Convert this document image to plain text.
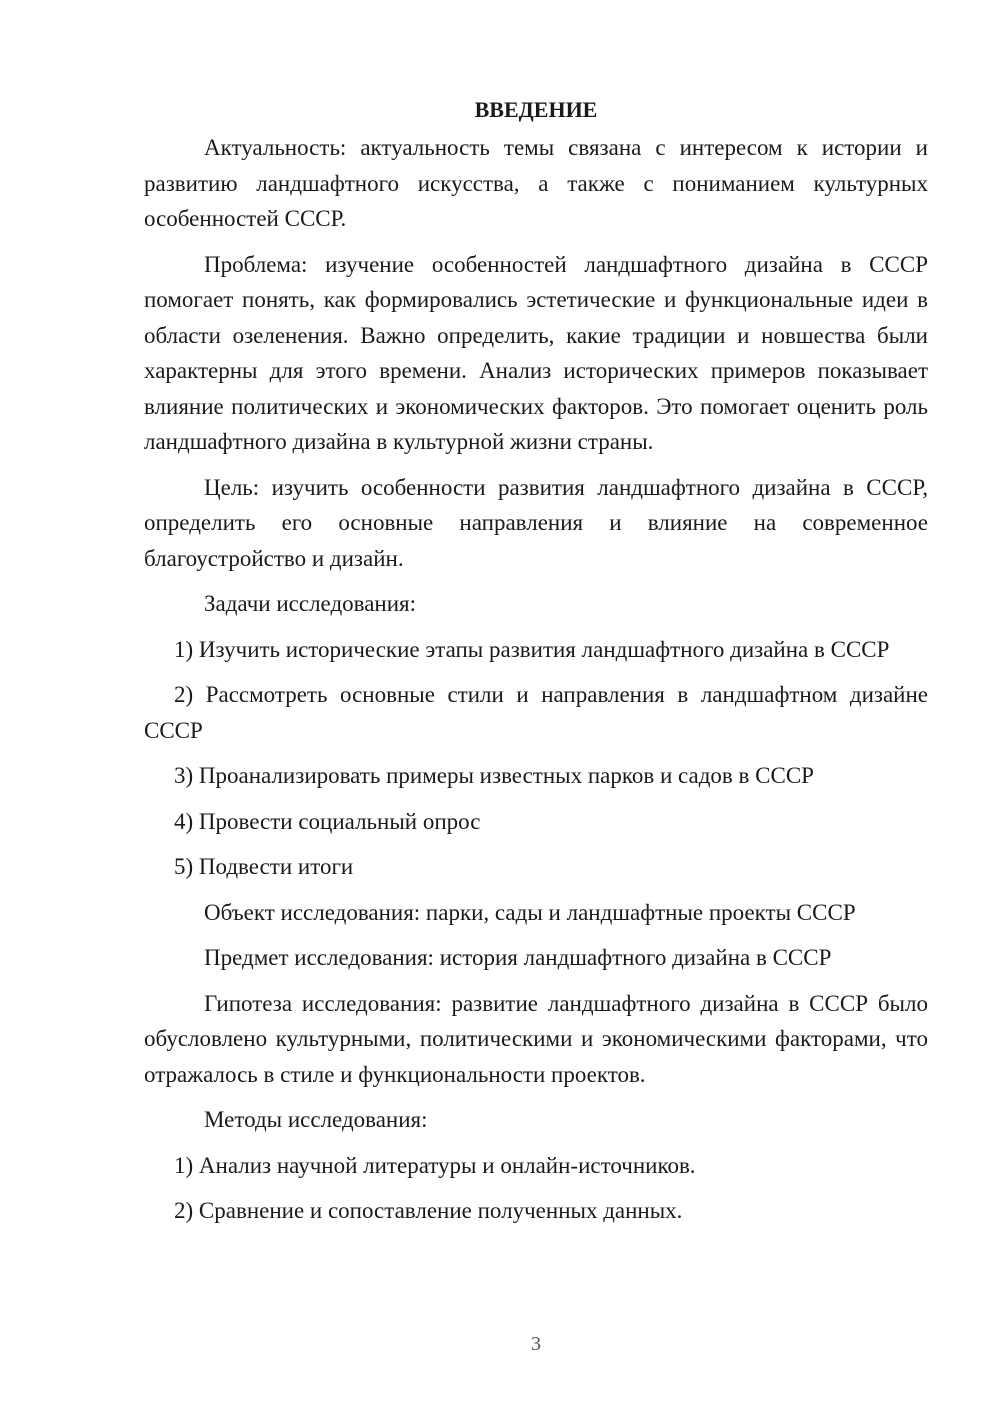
ВВЕДЕНИЕ
Актуальность: актуальность темы связана с интересом к истории и развитию ландшафтного искусства, а также с пониманием культурных особенностей СССР.
Проблема: изучение особенностей ландшафтного дизайна в СССР помогает понять, как формировались эстетические и функциональные идеи в области озеленения. Важно определить, какие традиции и новшества были характерны для этого времени. Анализ исторических примеров показывает влияние политических и экономических факторов. Это помогает оценить роль ландшафтного дизайна в культурной жизни страны.
Цель: изучить особенности развития ландшафтного дизайна в СССР, определить его основные направления и влияние на современное благоустройство и дизайн.
Задачи исследования:
1) Изучить исторические этапы развития ландшафтного дизайна в СССР
2) Рассмотреть основные стили и направления в ландшафтном дизайне СССР
3) Проанализировать примеры известных парков и садов в СССР
4) Провести социальный опрос
5) Подвести итоги
Объект исследования: парки, сады и ландшафтные проекты СССР
Предмет исследования: история ландшафтного дизайна в СССР
Гипотеза исследования: развитие ландшафтного дизайна в СССР было обусловлено культурными, политическими и экономическими факторами, что отражалось в стиле и функциональности проектов.
Методы исследования:
1) Анализ научной литературы и онлайн-источников.
2) Сравнение и сопоставление полученных данных.
3
